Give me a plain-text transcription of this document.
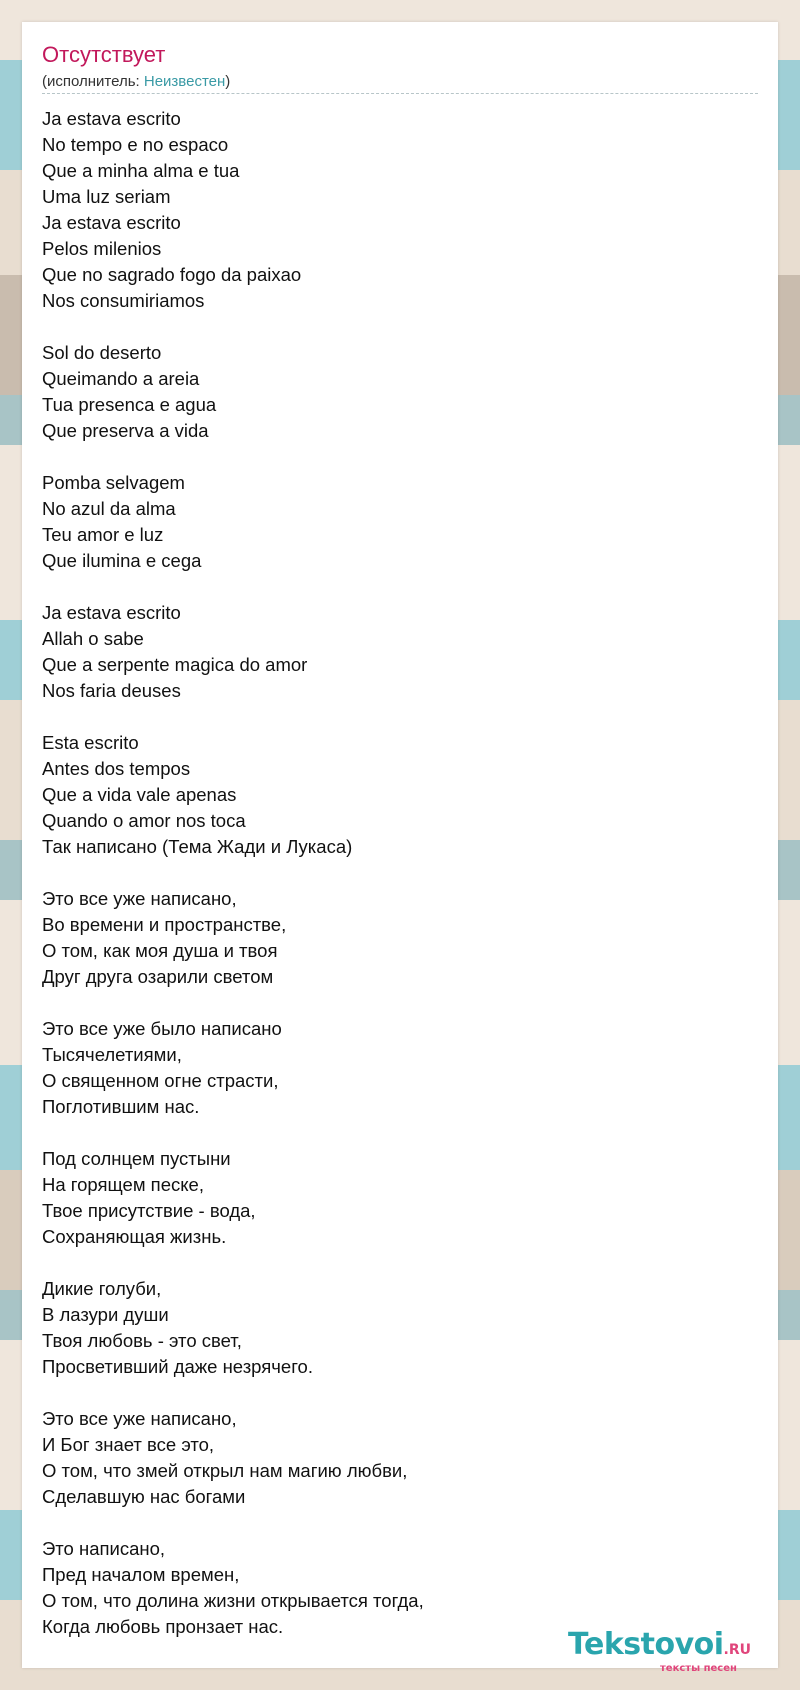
Отсутствует
(исполнитель: Неизвестен)
Ja estava escrito
No tempo e no espaco
Que a minha alma e tua
Uma luz seriam
Ja estava escrito
Pelos milenios
Que no sagrado fogo da paixao
Nos consumiriamos
Sol do deserto
Queimando a areia
Tua presenca e agua
Que preserva a vida
Pomba selvagem
No azul da alma
Teu amor e luz
Que ilumina e cega
Ja estava escrito
Allah o sabe
Que a serpente magica do amor
Nos faria deuses
Esta escrito
Antes dos tempos
Que a vida vale apenas
Quando o amor nos toca
Так написано (Тема Жади и Лукаса)
Это все уже написано,
Во времени и пространстве,
О том, как моя душа и твоя
Друг друга озарили светом
Это все уже было написано
Тысячелетиями,
О священном огне страсти,
Поглотившим нас.
Под солнцем пустыни
На горящем песке,
Твое присутствие - вода,
Сохраняющая жизнь.
Дикие голуби,
В лазури души
Твоя любовь - это свет,
Просветивший даже незрячего.
Это все уже написано,
И Бог знает все это,
О том, что змей открыл нам магию любви,
Сделавшую нас богами
Это написано,
Пред началом времен,
О том, что долина жизни открывается тогда,
Когда любовь пронзает нас.
Tekstovoi.RU
тексты песен
